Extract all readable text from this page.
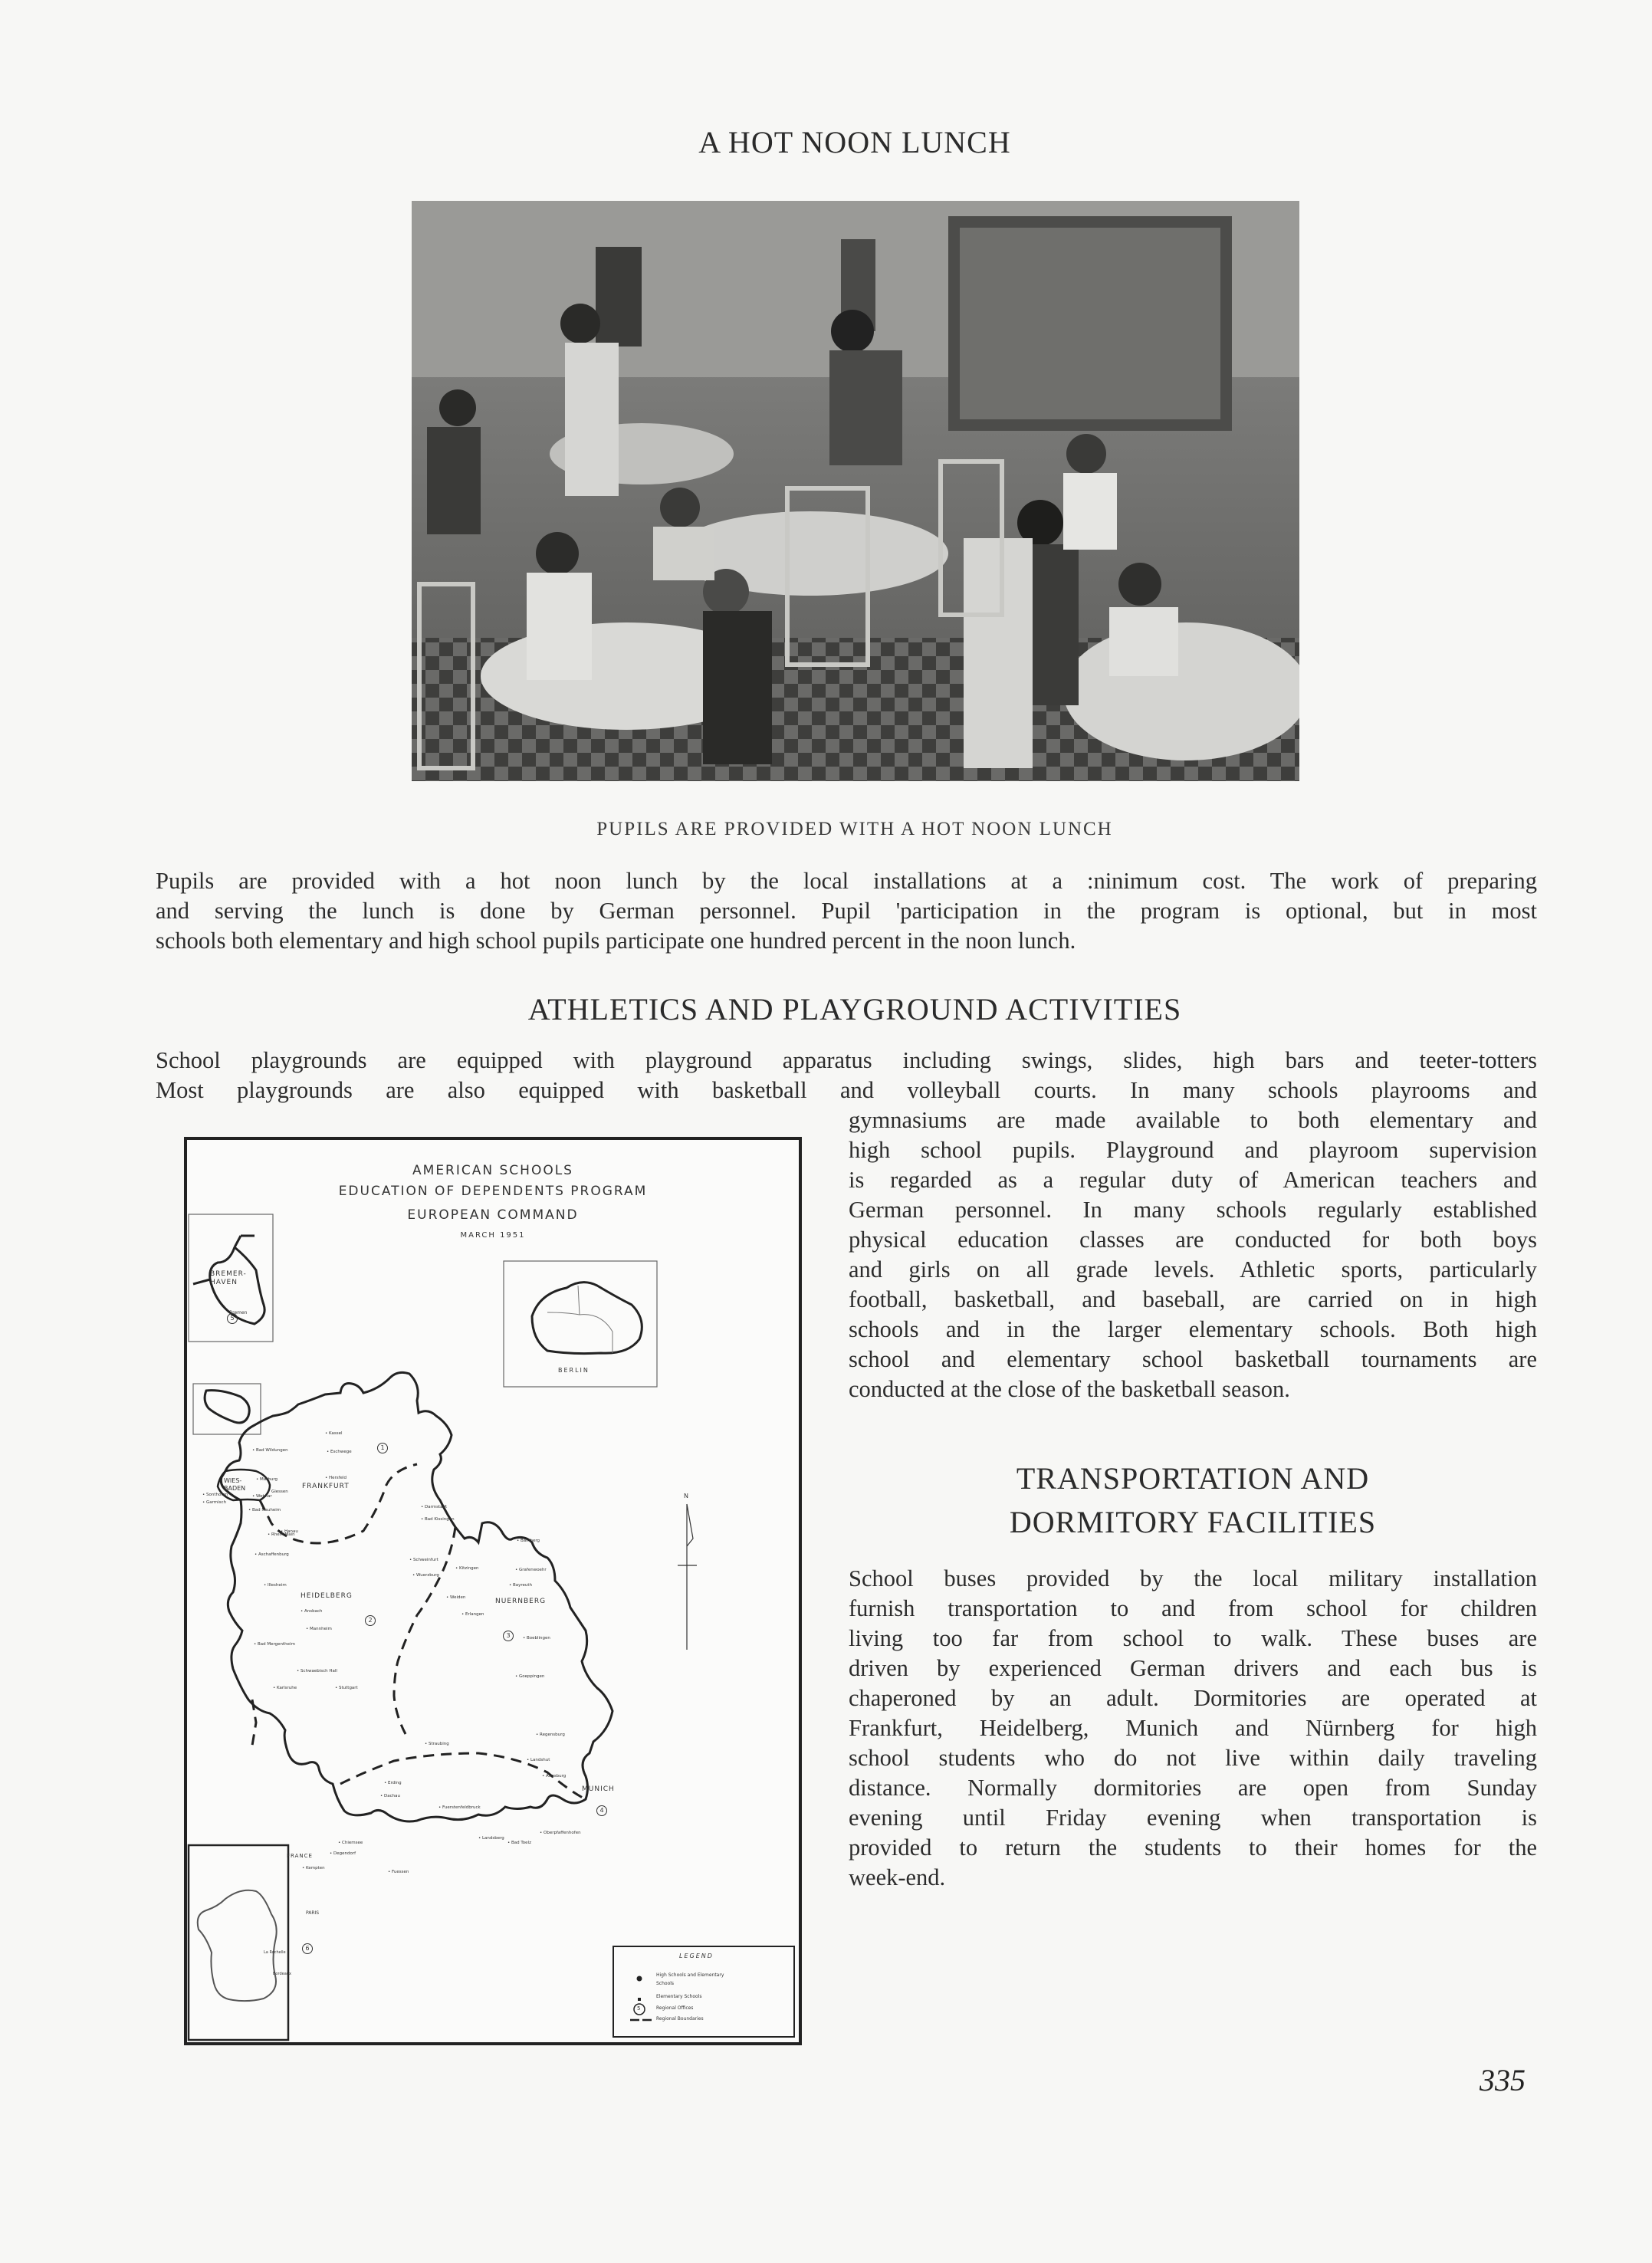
A HOT NOON LUNCH
PUPILS ARE PROVIDED WITH A HOT NOON LUNCH
Pupils are provided with a hot noon lunch by the local installations at a :ninimum cost. The work of preparing
and serving the lunch is done by German personnel. Pupil 'participation in the program is optional, but in most
schools both elementary and high school pupils participate one hundred percent in the noon lunch.
ATHLETICS AND PLAYGROUND ACTIVITIES
School playgrounds are equipped with playground apparatus including swings, slides, high bars and teeter-totters
Most playgrounds are also equipped with basketball and volleyball courts. In many schools playrooms and
gymnasiums are made available to both elementary and
high school pupils. Playground and playroom supervision
is regarded as a regular duty of American teachers and
German personnel. In many schools regularly established
physical education classes are conducted for both boys
and girls on all grade levels. Athletic sports, particularly
football, basketball, and baseball, are carried on in high
schools and in the larger elementary schools. Both high
school and elementary school basketball tournaments are
conducted at the close of the basketball season.
TRANSPORTATION AND
DORMITORY FACILITIES
School buses provided by the local military installation
furnish transportation to and from school for children
living too far from school to walk. These buses are
driven by experienced German drivers and each bus is
chaperoned by an adult. Dormitories are operated at
Frankfurt, Heidelberg, Munich and Nürnberg for high
school students who do not live within daily traveling
distance. Normally dormitories are open from Sunday
evening until Friday evening when transportation is
provided to return the students to their homes for the
week-end.
AMERICAN SCHOOLS
EDUCATION OF DEPENDENTS PROGRAM
EUROPEAN COMMAND
MARCH 1951
BREMER-HAVEN
Bremen
BERLIN
FRANCE
PARIS
La Rochelle
Bordeaux
N
FRANKFURT
WIES-BADEN
HEIDELBERG
NUERNBERG
MUNICH
• Kassel
• Bad Wildungen	• Eschwege
• Marburg	• Hersfeld
• Giessen
• Wetzlar
• Bad Nauheim
• Hanau
• Rhein Main
• Aschaffenburg
• Darmstadt
• Bad Kissingen
• Schweinfurt
• Wuerzburg
• Kitzingen
• Bamberg
• Bayreuth
• Grafenwoehr
• Weiden
• Erlangen
• Illesheim
• Ansbach
• Mannheim
• Bad Mergentheim
• Schwaebisch Hall
• Karlsruhe	• Stuttgart
• Boeblingen
• Goeppingen
• Regensburg
• Straubing
• Landshut
• Augsburg
• Erding
• Dachau
• Fuerstenfeldbruck
• Landsberg
• Oberpfaffenhofen
• Bad Toelz
• Chiemsee
• Degendorf
• Kempten
• Fuessen
• Sonthofen
• Garmisch
1
2
3
4
5
6
LEGEND
High Schools and Elementary Schools
Elementary Schools
Regional Offices
Regional Boundaries
5
335
